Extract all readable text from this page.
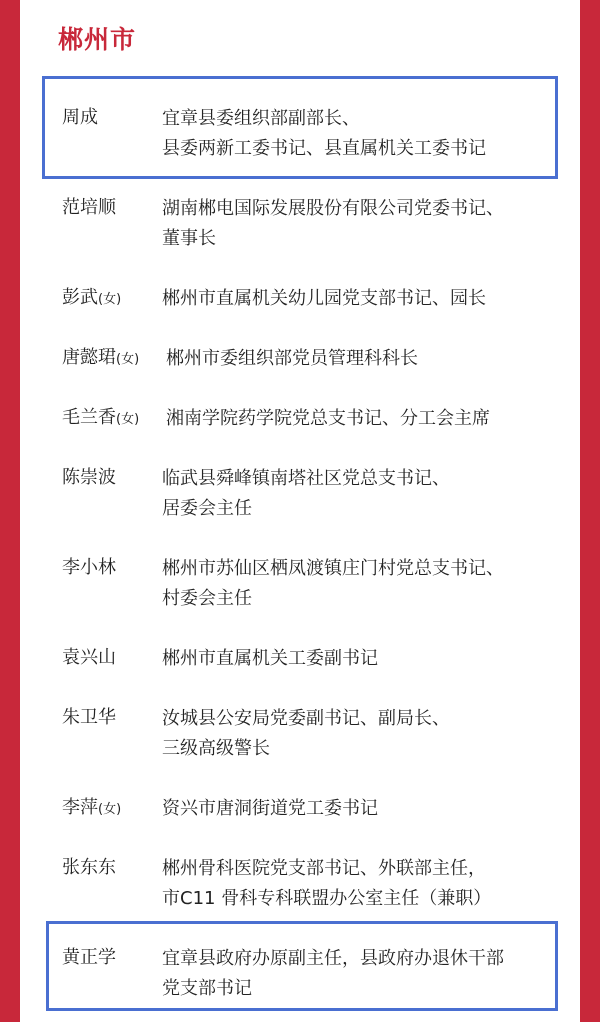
郴州市
周成	宜章县委组织部副部长、
县委两新工委书记、县直属机关工委书记
范培顺	湖南郴电国际发展股份有限公司党委书记、
董事长
彭武(女) 郴州市直属机关幼儿园党支部书记、园长
唐懿珺(女) 郴州市委组织部党员管理科科长
毛兰香(女) 湘南学院药学院党总支书记、分工会主席
陈崇波	临武县舜峰镇南塔社区党总支书记、
居委会主任
李小林	郴州市苏仙区栖凤渡镇庄门村党总支书记、
村委会主任
袁兴山	郴州市直属机关工委副书记
朱卫华	汝城县公安局党委副书记、副局长、
三级高级警长
李萍(女) 资兴市唐洞街道党工委书记
张东东	郴州骨科医院党支部书记、外联部主任，
市C11 骨科专科联盟办公室主任（兼职）
黄正学	宜章县政府办原副主任，县政府办退休干部
党支部书记
